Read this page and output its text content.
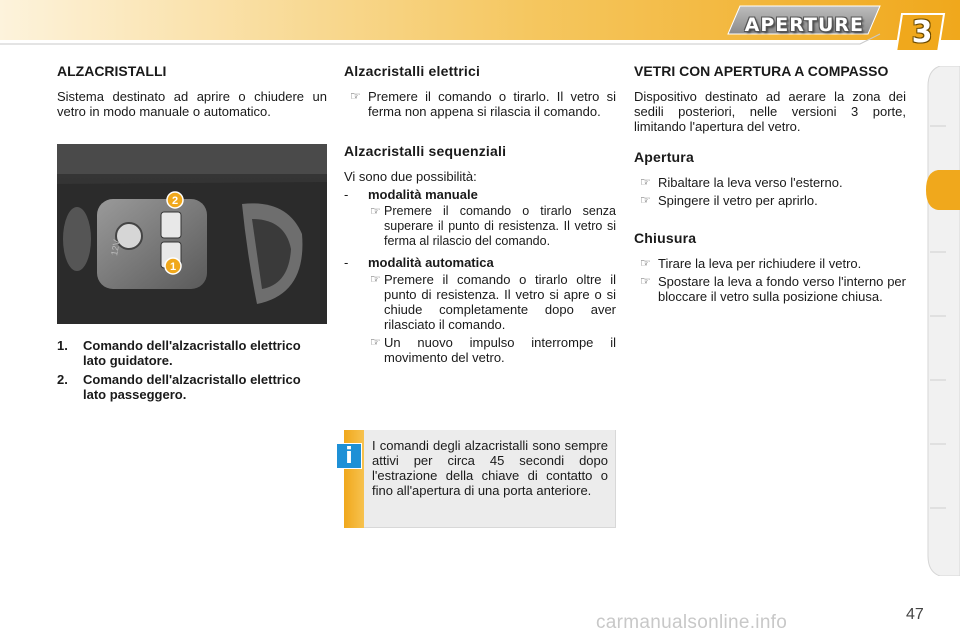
APERTURE	3
ALZACRISTALLI

Sistema destinato ad aprire o chiudere un vetro in modo manuale o automatico.

12V
2
1
1. Comando dell'alzacristallo elettrico lato guidatore.
2. Comando dell'alzacristallo elettrico lato passeggero.
Alzacristalli elettrici
☞ Premere il comando o tirarlo. Il vetro si ferma non appena si rilascia il comando.
Alzacristalli sequenziali

Vi sono due possibilità:

- modalità manuale
☞ Premere il comando o tirarlo senza superare il punto di resistenza. Il vetro si ferma al rilascio del comando.
- modalità automatica
☞ Premere il comando o tirarlo oltre il punto di resistenza. Il vetro si apre o si chiude completamente dopo aver rilasciato il comando.
☞ Un nuovo impulso interrompe il movimento del vetro.
i	I comandi degli alzacristalli sono sempre attivi per circa 45 secondi dopo l'estrazione della chiave di contatto o fino all'apertura di una porta anteriore.
VETRI CON APERTURA A COMPASSO

Dispositivo destinato ad aerare la zona dei sedili posteriori, nelle versioni 3 porte, limitando l'apertura del vetro.

Apertura
☞ Ribaltare la leva verso l'esterno.
☞ Spingere il vetro per aprirlo.
Chiusura
☞ Tirare la leva per richiudere il vetro.
☞ Spostare la leva a fondo verso l'interno per bloccare il vetro sulla posizione chiusa.
carmanualsonline.info	47
